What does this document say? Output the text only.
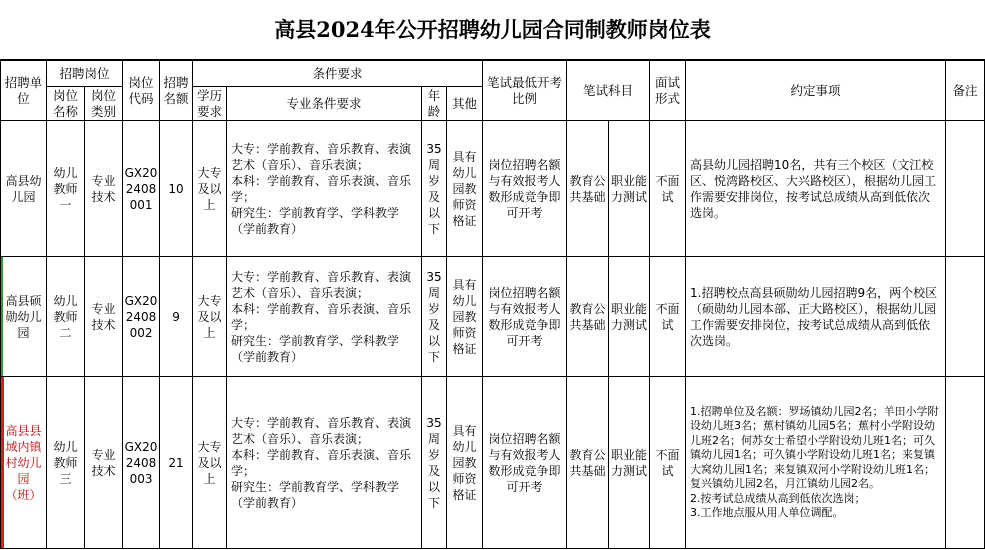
高县2024年公开招聘幼儿园合同制教师岗位表
招聘单位	招聘岗位		岗位代码	招聘名额	条件要求				笔试最低开考比例	笔试科目		面试形式	约定事项	备注
	岗位名称	岗位类别			学历要求	专业条件要求	年龄	其他						
高县幼儿园	幼儿教师一	专业技术	GX202408001	10	大专及以上	大专：学前教育、音乐教育、表演艺术（音乐）、音乐表演；
本科：学前教育、音乐表演、音乐学；
研究生：学前教育学、学科教学（学前教育）	35周岁及以下	具有幼儿园教师资格证	岗位招聘名额与有效报考人数形成竞争即可开考	教育公共基础	职业能力测试	不面试	高县幼儿园招聘10名，共有三个校区（文江校区、悦湾路校区、大兴路校区），根据幼儿园工作需要安排岗位，按考试总成绩从高到低依次选岗。	
高县硕勋幼儿园	幼儿教师二	专业技术	GX202408002	9	大专及以上	大专：学前教育、音乐教育、表演艺术（音乐）、音乐表演；
本科：学前教育、音乐表演、音乐学；
研究生：学前教育学、学科教学（学前教育）	35周岁及以下	具有幼儿园教师资格证	岗位招聘名额与有效报考人数形成竞争即可开考	教育公共基础	职业能力测试	不面试	1.招聘校点高县硕勋幼儿园招聘9名，两个校区（硕勋幼儿园本部、正大路校区），根据幼儿园工作需要安排岗位，按考试总成绩从高到低依次选岗。	
高县县域内镇村幼儿园（班）	幼儿教师三	专业技术	GX202408003	21	大专及以上	大专：学前教育、音乐教育、表演艺术（音乐）、音乐表演；
本科：学前教育、音乐表演、音乐学；
研究生：学前教育学、学科教学（学前教育）	35周岁及以下	具有幼儿园教师资格证	岗位招聘名额与有效报考人数形成竞争即可开考	教育公共基础	职业能力测试	不面试	1.招聘单位及名额：罗场镇幼儿园2名；羊田小学附设幼儿班3名；蕉村镇幼儿园5名；蕉村小学附设幼儿班2名；何苏女士希望小学附设幼儿班1名；可久镇幼儿园1名；可久镇小学附设幼儿班1名；来复镇大窝幼儿园1名；来复镇双河小学附设幼儿班1名；复兴镇幼儿园2名，月江镇幼儿园2名。
2.按考试总成绩从高到低依次选岗；
3.工作地点服从用人单位调配。	
